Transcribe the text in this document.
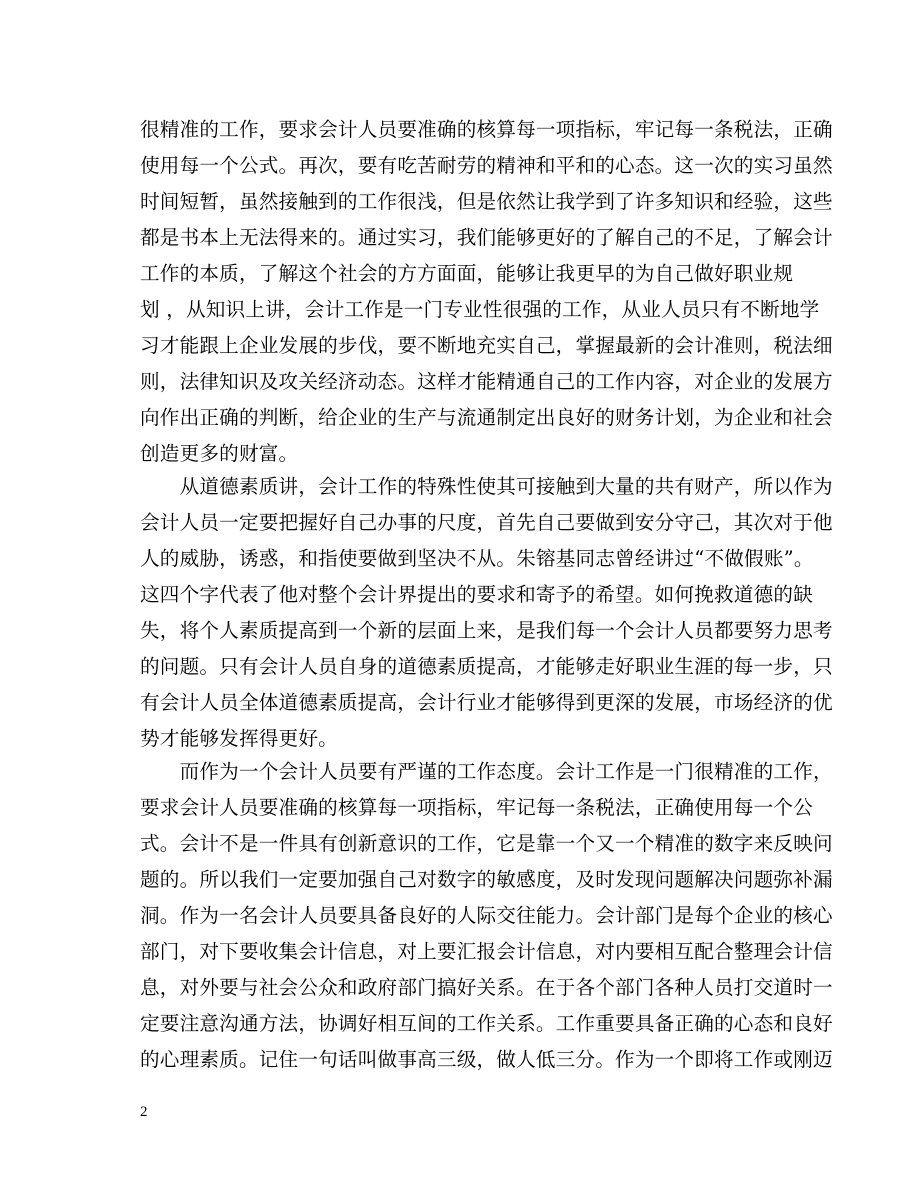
很精准的工作，要求会计人员要准确的核算每一项指标，牢记每一条税法，正确
使用每一个公式。再次，要有吃苦耐劳的精神和平和的心态。这一次的实习虽然
时间短暂，虽然接触到的工作很浅，但是依然让我学到了许多知识和经验，这些
都是书本上无法得来的。通过实习，我们能够更好的了解自己的不足，了解会计
工作的本质，了解这个社会的方方面面，能够让我更早的为自己做好职业规
划 ，从知识上讲，会计工作是一门专业性很强的工作，从业人员只有不断地学
习才能跟上企业发展的步伐，要不断地充实自己，掌握最新的会计准则，税法细
则，法律知识及攻关经济动态。这样才能精通自己的工作内容，对企业的发展方
向作出正确的判断，给企业的生产与流通制定出良好的财务计划，为企业和社会
创造更多的财富。
　　从道德素质讲，会计工作的特殊性使其可接触到大量的共有财产，所以作为
会计人员一定要把握好自己办事的尺度，首先自己要做到安分守己，其次对于他
人的威胁，诱惑，和指使要做到坚决不从。朱镕基同志曾经讲过“不做假账”。
这四个字代表了他对整个会计界提出的要求和寄予的希望。如何挽救道德的缺
失，将个人素质提高到一个新的层面上来，是我们每一个会计人员都要努力思考
的问题。只有会计人员自身的道德素质提高，才能够走好职业生涯的每一步，只
有会计人员全体道德素质提高，会计行业才能够得到更深的发展，市场经济的优
势才能够发挥得更好。
　　而作为一个会计人员要有严谨的工作态度。会计工作是一门很精准的工作，
要求会计人员要准确的核算每一项指标，牢记每一条税法，正确使用每一个公
式。会计不是一件具有创新意识的工作，它是靠一个又一个精准的数字来反映问
题的。所以我们一定要加强自己对数字的敏感度，及时发现问题解决问题弥补漏
洞。作为一名会计人员要具备良好的人际交往能力。会计部门是每个企业的核心
部门，对下要收集会计信息，对上要汇报会计信息，对内要相互配合整理会计信
息，对外要与社会公众和政府部门搞好关系。在于各个部门各种人员打交道时一
定要注意沟通方法，协调好相互间的工作关系。工作重要具备正确的心态和良好
的心理素质。记住一句话叫做事高三级，做人低三分。作为一个即将工作或刚迈
2
